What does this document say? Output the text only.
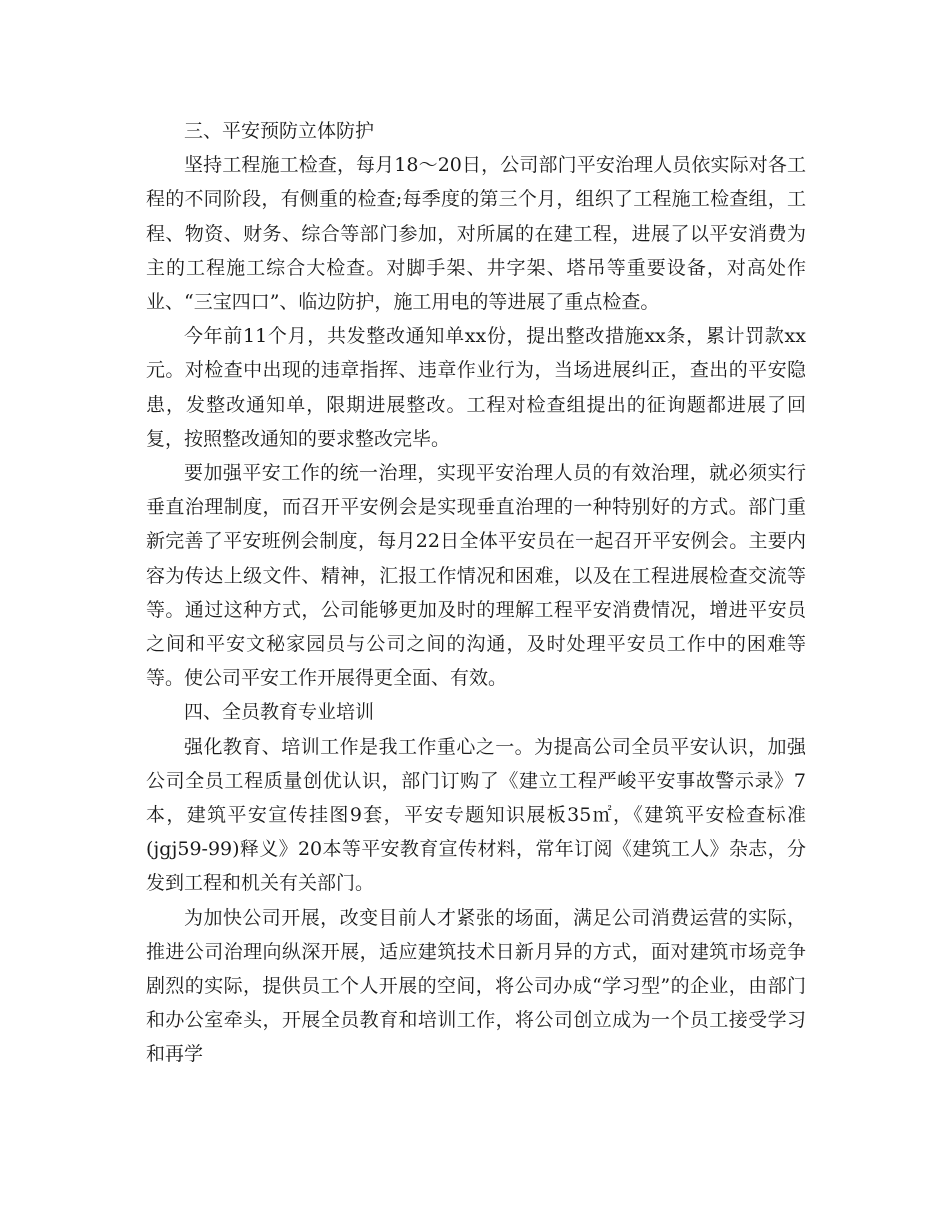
三、平安预防立体防护

坚持工程施工检查，每月18～20日，公司部门平安治理人员依实际对各工程的不同阶段，有侧重的检查;每季度的第三个月，组织了工程施工检查组，工程、物资、财务、综合等部门参加，对所属的在建工程，进展了以平安消费为主的工程施工综合大检查。对脚手架、井字架、塔吊等重要设备，对高处作业、“三宝四口”、临边防护，施工用电的等进展了重点检查。

今年前11个月，共发整改通知单xx份，提出整改措施xx条，累计罚款xx元。对检查中出现的违章指挥、违章作业行为，当场进展纠正，查出的平安隐患，发整改通知单，限期进展整改。工程对检查组提出的征询题都进展了回复，按照整改通知的要求整改完毕。

要加强平安工作的统一治理，实现平安治理人员的有效治理，就必须实行垂直治理制度，而召开平安例会是实现垂直治理的一种特别好的方式。部门重新完善了平安班例会制度，每月22日全体平安员在一起召开平安例会。主要内容为传达上级文件、精神，汇报工作情况和困难，以及在工程进展检查交流等等。通过这种方式，公司能够更加及时的理解工程平安消费情况，增进平安员之间和平安文秘家园员与公司之间的沟通，及时处理平安员工作中的困难等等。使公司平安工作开展得更全面、有效。

四、全员教育专业培训

强化教育、培训工作是我工作重心之一。为提高公司全员平安认识，加强公司全员工程质量创优认识，部门订购了《建立工程严峻平安事故警示录》7本，建筑平安宣传挂图9套，平安专题知识展板35㎡，《建筑平安检查标准(jgj59-99)释义》20本等平安教育宣传材料，常年订阅《建筑工人》杂志，分发到工程和机关有关部门。

为加快公司开展，改变目前人才紧张的场面，满足公司消费运营的实际，推进公司治理向纵深开展，适应建筑技术日新月异的方式，面对建筑市场竞争剧烈的实际，提供员工个人开展的空间，将公司办成“学习型”的企业，由部门和办公室牵头，开展全员教育和培训工作，将公司创立成为一个员工接受学习和再学
